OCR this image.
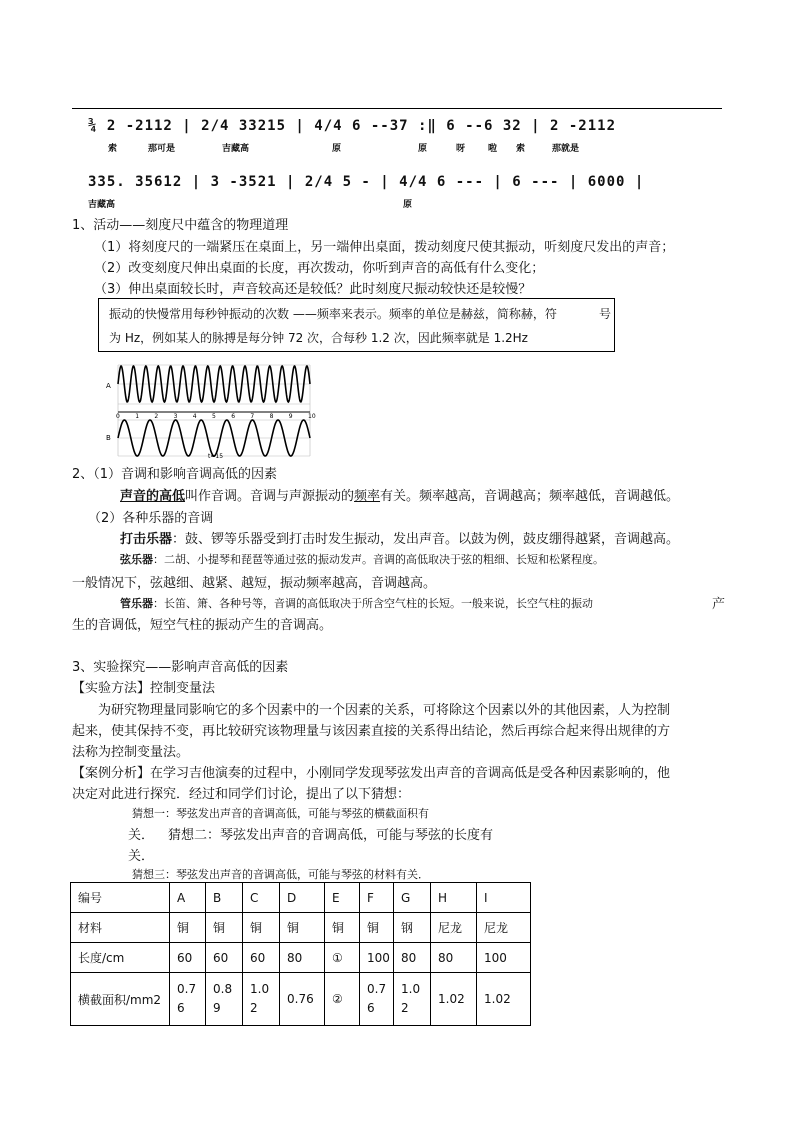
¾ 2 -2112 | 2/4 33215 | 4/4 6 --37 :‖ 6 --6 32 | 2 -2112
索	那可是	吉藏高	原	原	呀	啦 索	那就是
335. 35612 | 3 -3521 | 2/4 5 - | 4/4 6 --- | 6 --- | 6000 |
吉藏高	原
1、活动——刻度尺中蕴含的物理道理
（1）将刻度尺的一端紧压在桌面上，另一端伸出桌面，拨动刻度尺使其振动，听刻度尺发出的声音；
（2）改变刻度尺伸出桌面的长度，再次拨动，你听到声音的高低有什么变化；
（3）伸出桌面较长时，声音较高还是较低？此时刻度尺振动较快还是较慢？
振动的快慢常用每秒钟振动的次数 ——频率来表示。频率的单位是赫兹，简称赫，符	号
为 Hz，例如某人的脉搏是每分钟 72 次，合每秒 1.2 次，因此频率就是 1.2Hz
A
B
0	1	2	3	4	5	6	7	8	9	10
t=15
2、（1）音调和影响音调高低的因素
声音的高低叫作音调。音调与声源振动的频率有关。频率越高，音调越高；频率越低，音调越低。
（2）各种乐器的音调
打击乐器：鼓、锣等乐器受到打击时发生振动，发出声音。以鼓为例，鼓皮绷得越紧，音调越高。
弦乐器：二胡、小提琴和琵琶等通过弦的振动发声。音调的高低取决于弦的粗细、长短和松紧程度。
一般情况下，弦越细、越紧、越短，振动频率越高，音调越高。
管乐器：长笛、箫、各种号等，音调的高低取决于所含空气柱的长短。一般来说，长空气柱的振动	产
生的音调低，短空气柱的振动产生的音调高。
3、实验探究——影响声音高低的因素
【实验方法】控制变量法
为研究物理量同影响它的多个因素中的一个因素的关系，可将除这个因素以外的其他因素，人为控制
起来，使其保持不变，再比较研究该物理量与该因素直接的关系得出结论，然后再综合起来得出规律的方
法称为控制变量法。
【案例分析】在学习吉他演奏的过程中，小刚同学发现琴弦发出声音的音调高低是受各种因素影响的，他
决定对此进行探究．经过和同学们讨论，提出了以下猜想：
猜想一：琴弦发出声音的音调高低，可能与琴弦的横截面积有
关． 猜想二：琴弦发出声音的音调高低，可能与琴弦的长度有
关．
猜想三：琴弦发出声音的音调高低，可能与琴弦的材料有关．
编号	A	B	C	D	E	F	G	H	I
材料	铜	铜	铜	铜	铜	铜	钢	尼龙	尼龙
长度/cm	60	60	60	80	①	100	80	80	100
横截面积/mm2	0.7
6	0.8
9	1.0
2	0.76	②	0.7
6	1.0
2	1.02	1.02
